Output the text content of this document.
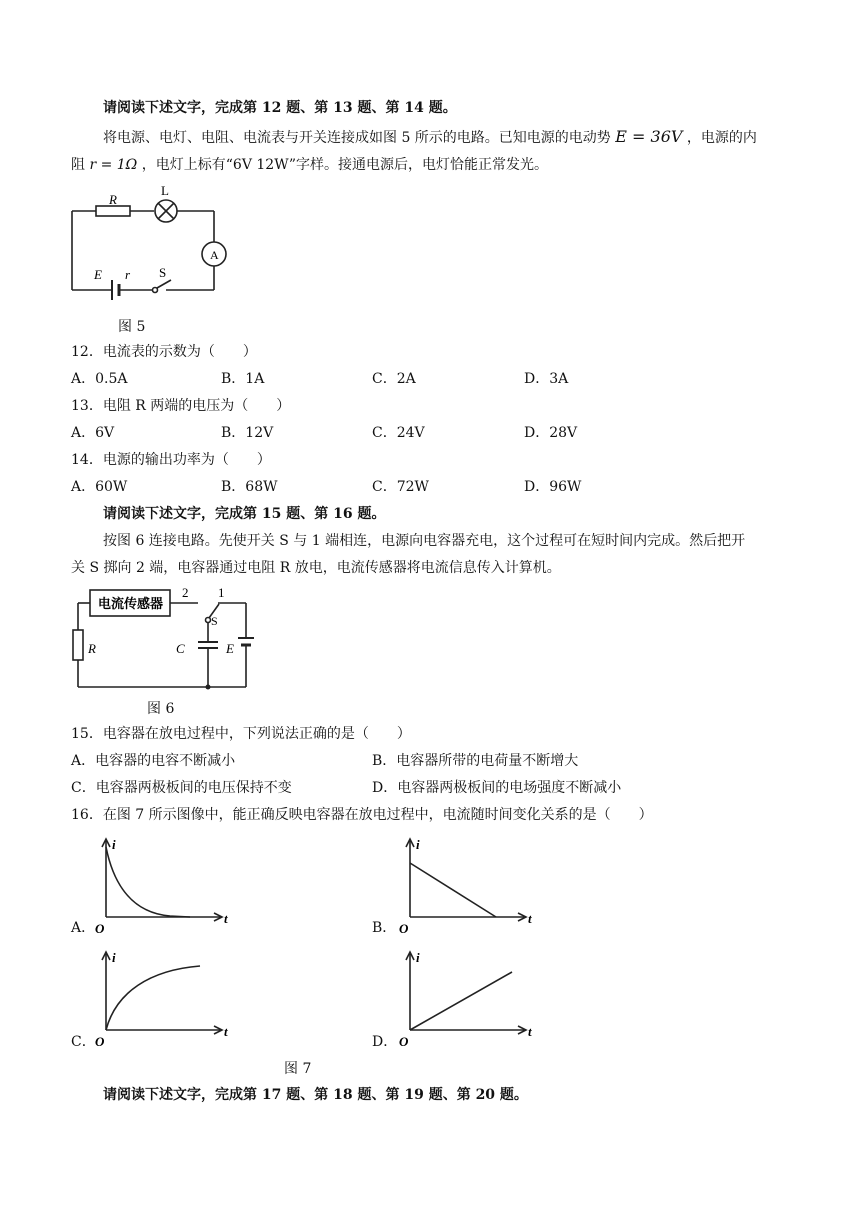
请阅读下述文字，完成第 12 题、第 13 题、第 14 题。
将电源、电灯、电阻、电流表与开关连接成如图 5 所示的电路。已知电源的电动势 E = 36V ，电源的内
阻 r = 1Ω ，电灯上标有“6V 12W”字样。接通电源后，电灯恰能正常发光。
R
L
A
E r S
图 5
12．电流表的示数为（　　）
A．0.5A	B．1A	C．2A	D．3A
13．电阻 R 两端的电压为（　　）
A．6V	B．12V	C．24V	D．28V
14．电源的输出功率为（　　）
A．60W	B．68W	C．72W	D．96W
请阅读下述文字，完成第 15 题、第 16 题。
按图 6 连接电路。先使开关 S 与 1 端相连，电源向电容器充电，这个过程可在短时间内完成。然后把开
关 S 掷向 2 端，电容器通过电阻 R 放电，电流传感器将电流信息传入计算机。
电流传感器
2 1
S
R	C	E
图 6
15．电容器在放电过程中，下列说法正确的是（　　）
A．电容器的电容不断减小	B．电容器所带的电荷量不断增大
C．电容器两极板间的电压保持不变	D．电容器两极板间的电场强度不断减小
16．在图 7 所示图像中，能正确反映电容器在放电过程中，电流随时间变化关系的是（　　）
A．
i
t
O	B．
i
t
O
C．
i
t
O	D．
i
t
O
图 7
请阅读下述文字，完成第 17 题、第 18 题、第 19 题、第 20 题。
